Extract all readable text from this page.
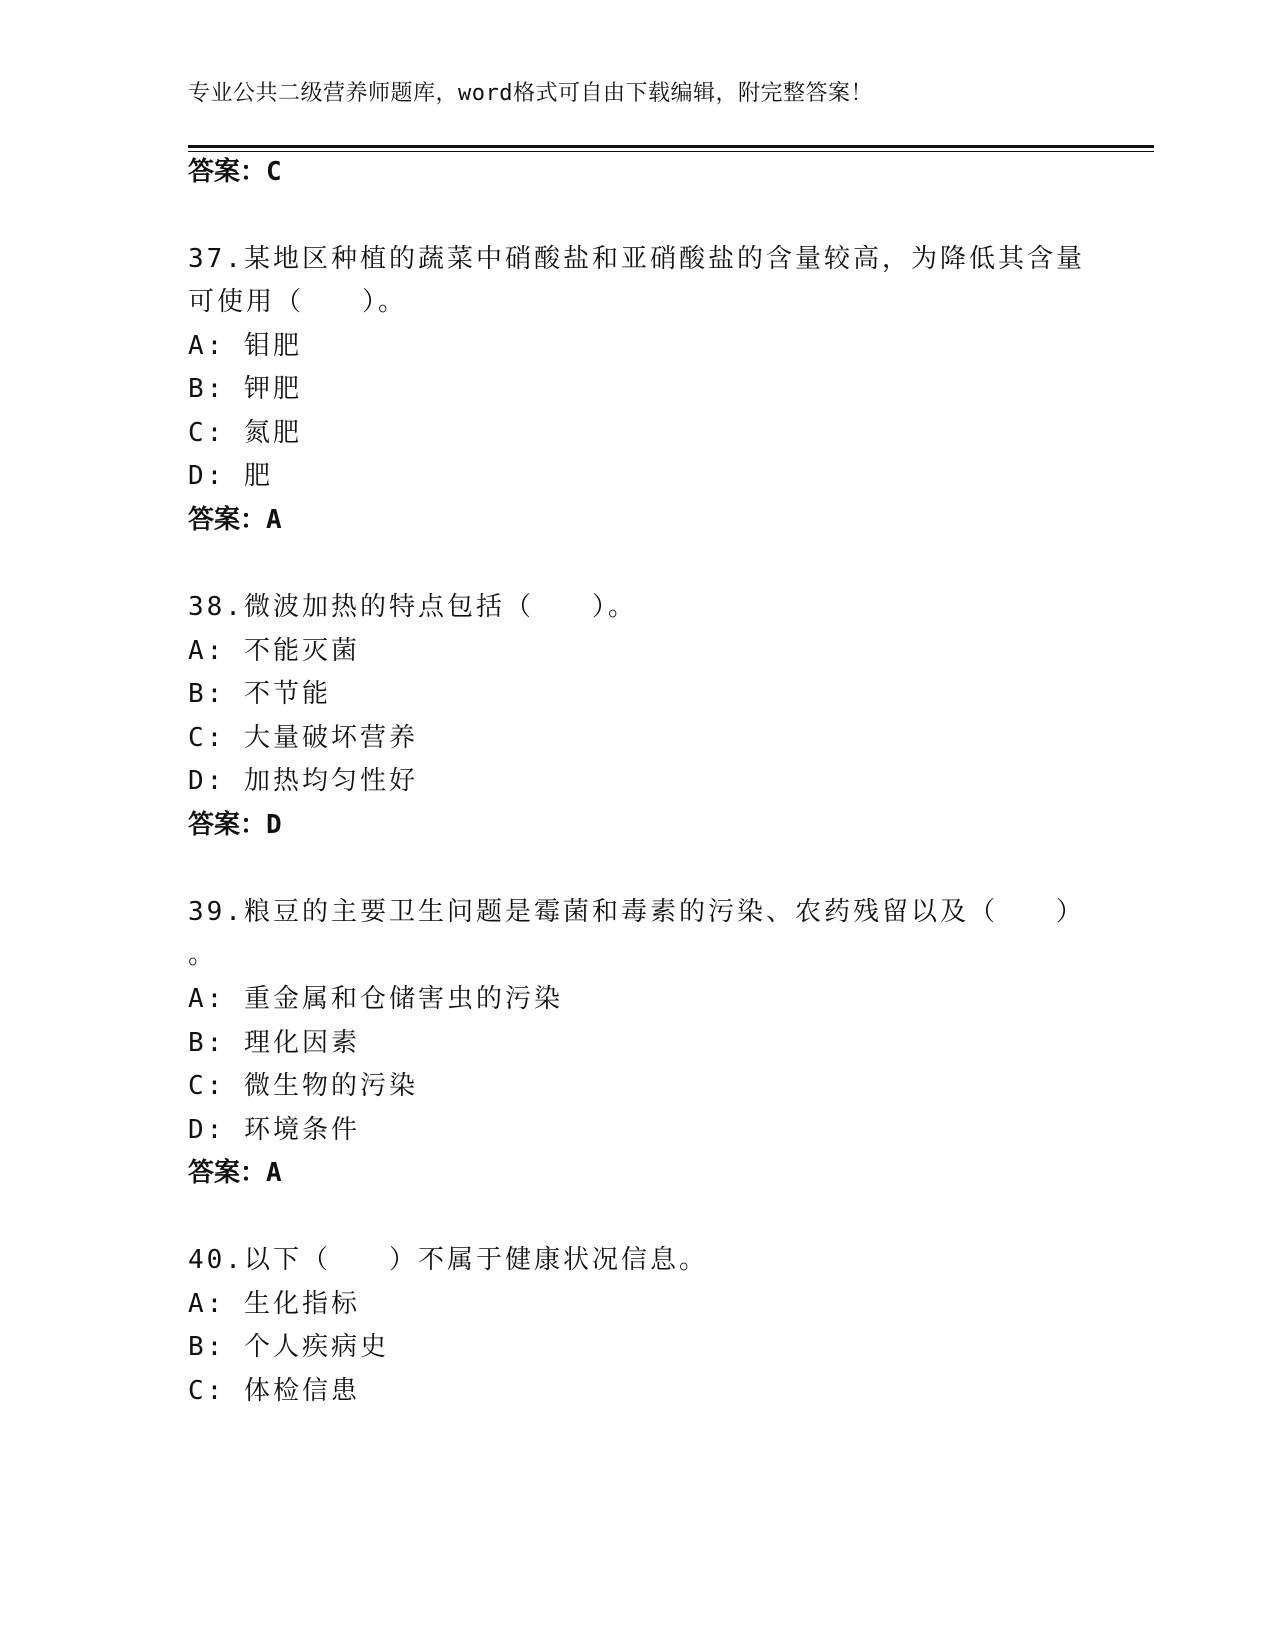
专业公共二级营养师题库，word格式可自由下载编辑，附完整答案！
答案：C
37.某地区种植的蔬菜中硝酸盐和亚硝酸盐的含量较高，为降低其含量
可使用（　　）。
A: 钼肥
B: 钾肥
C: 氮肥
D: 肥
答案：A
38.微波加热的特点包括（　　）。
A: 不能灭菌
B: 不节能
C: 大量破坏营养
D: 加热均匀性好
答案：D
39.粮豆的主要卫生问题是霉菌和毒素的污染、农药残留以及（　　）
。
A: 重金属和仓储害虫的污染
B: 理化因素
C: 微生物的污染
D: 环境条件
答案：A
40.以下（　　）不属于健康状况信息。
A: 生化指标
B: 个人疾病史
C: 体检信患
